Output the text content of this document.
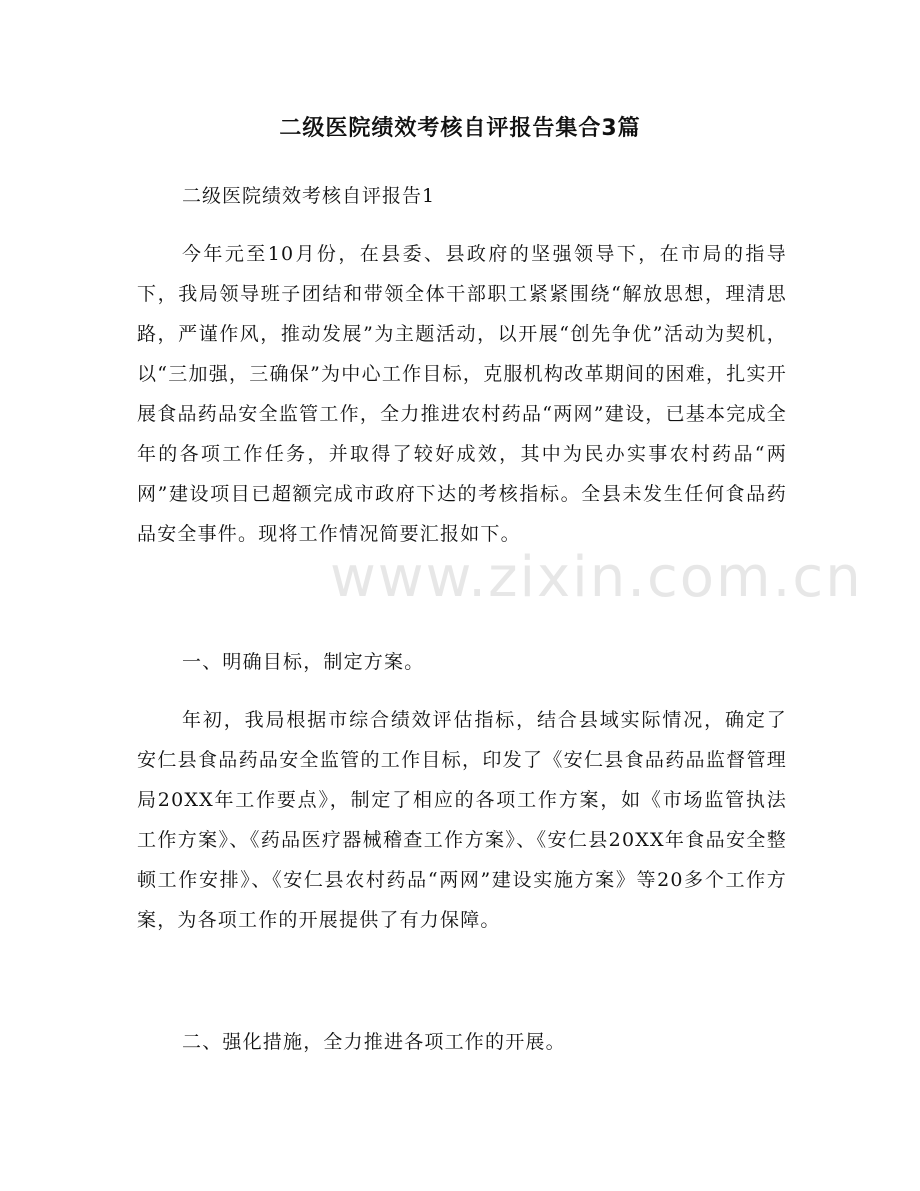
二级医院绩效考核自评报告集合3篇

二级医院绩效考核自评报告1

今年元至10月份，在县委、县政府的坚强领导下，在市局的指导下，我局领导班子团结和带领全体干部职工紧紧围绕“解放思想，理清思路，严谨作风，推动发展”为主题活动，以开展“创先争优”活动为契机，以“三加强，三确保”为中心工作目标，克服机构改革期间的困难，扎实开展食品药品安全监管工作，全力推进农村药品“两网”建设，已基本完成全年的各项工作任务，并取得了较好成效，其中为民办实事农村药品“两网”建设项目已超额完成市政府下达的考核指标。全县未发生任何食品药品安全事件。现将工作情况简要汇报如下。

一、明确目标，制定方案。

年初，我局根据市综合绩效评估指标，结合县域实际情况，确定了安仁县食品药品安全监管的工作目标，印发了《安仁县食品药品监督管理局20XX年工作要点》，制定了相应的各项工作方案，如《市场监管执法工作方案》、《药品医疗器械稽查工作方案》、《安仁县20XX年食品安全整顿工作安排》、《安仁县农村药品“两网”建设实施方案》等20多个工作方案，为各项工作的开展提供了有力保障。

二、强化措施，全力推进各项工作的开展。

www.zixin.com.cn
